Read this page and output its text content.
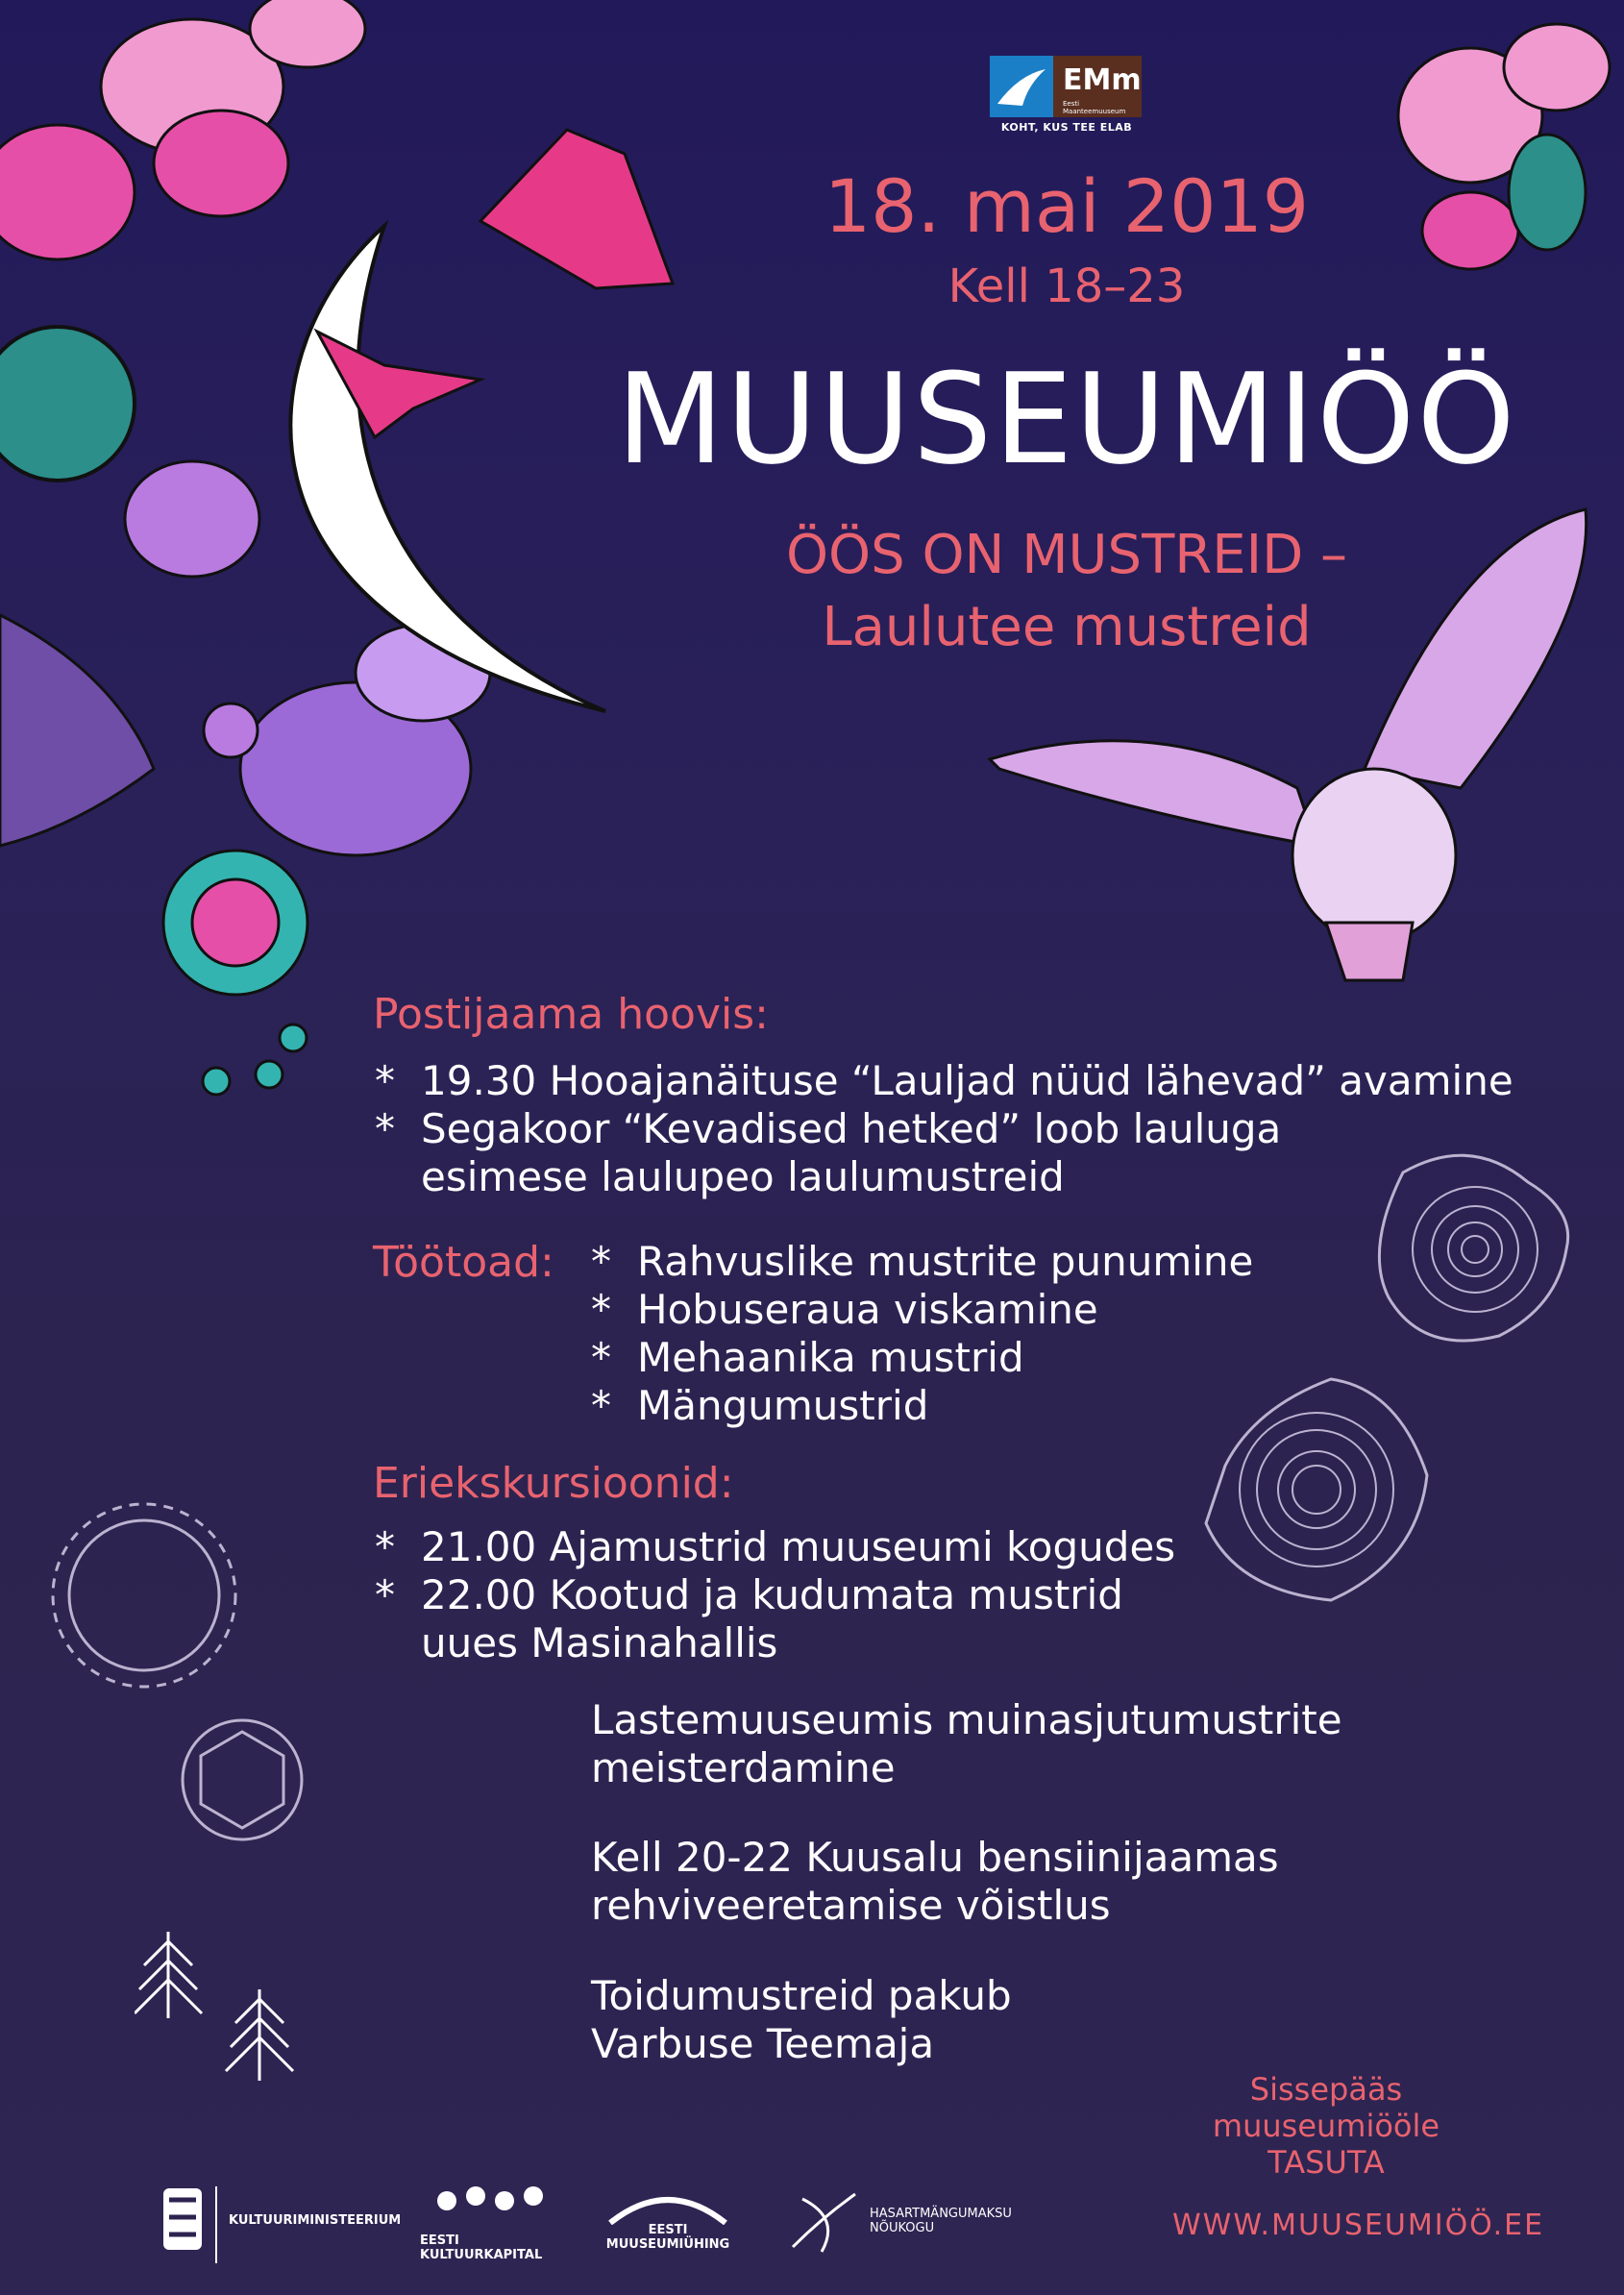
EMm
Eesti Maanteemuuseum
KOHT, KUS TEE ELAB
18. mai 2019
Kell 18–23
MUUSEUMIÖÖ
ÖÖS ON MUSTREID –
Laulutee mustreid
Postijaama hoovis:
* 19.30 Hooajanäituse “Lauljad nüüd lähevad” avamine
* Segakoor “Kevadised hetked” loob lauluga
esimese laulupeo laulumustreid
Töötoad: * Rahvuslike mustrite punumine
* Hobuseraua viskamine
* Mehaanika mustrid
* Mängumustrid
Eriekskursioonid:
* 21.00 Ajamustrid muuseumi kogudes
* 22.00 Kootud ja kudumata mustrid
uues Masinahallis
Lastemuuseumis muinasjutumustrite
meisterdamine
Kell 20-22 Kuusalu bensiinijaamas
rehviveeretamise võistlus
Toidumustreid pakub
Varbuse Teemaja
Sissepääs
muuseumiööle
TASUTA
WWW.MUUSEUMIÖÖ.EE
KULTUURIMINISTEERIUM
EESTI KULTUURKAPITAL
EESTI
MUUSEUMIÜHING
HASARTMÄNGUMAKSU
NÕUKOGU
